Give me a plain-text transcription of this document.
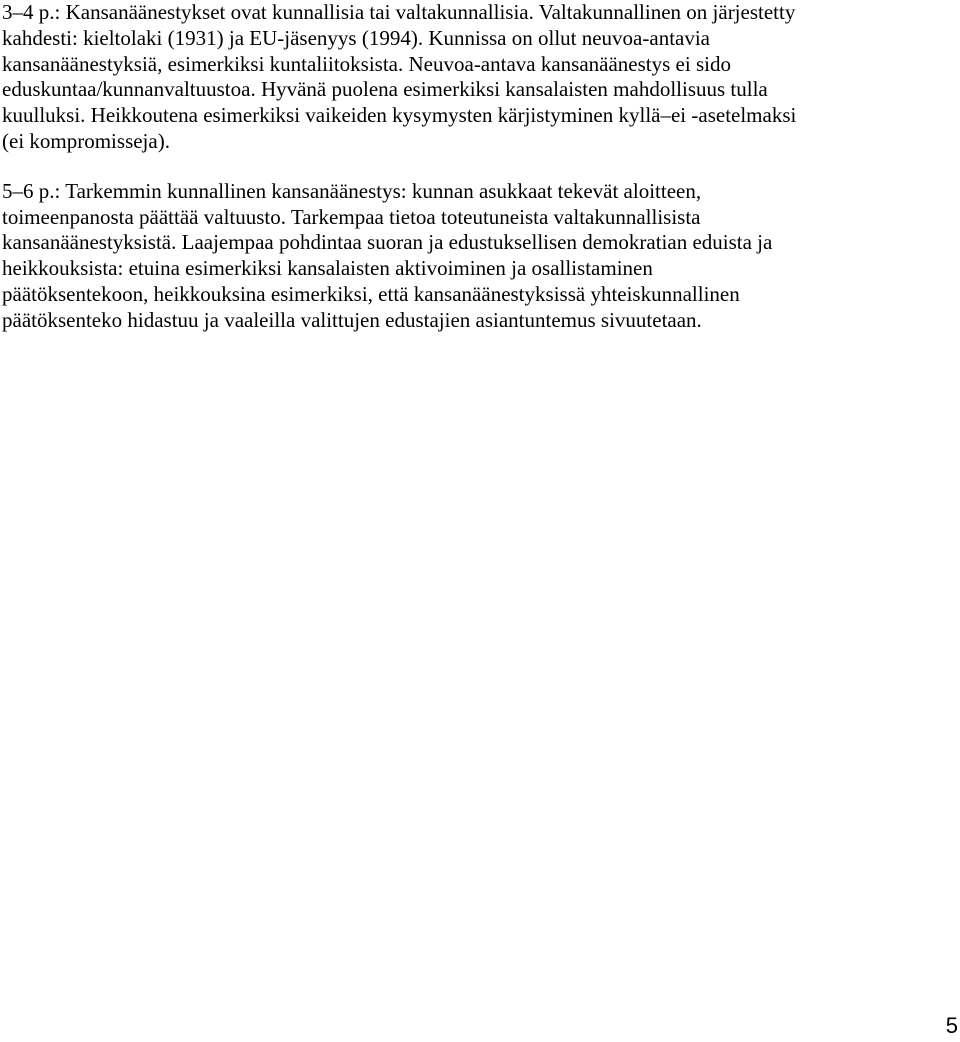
3–4 p.: Kansanäänestykset ovat kunnallisia tai valtakunnallisia. Valtakunnallinen on järjestetty
kahdesti: kieltolaki (1931) ja EU-jäsenyys (1994). Kunnissa on ollut neuvoa-antavia
kansanäänestyksiä, esimerkiksi kuntaliitoksista. Neuvoa-antava kansanäänestys ei sido
eduskuntaa/kunnanvaltuustoa. Hyvänä puolena esimerkiksi kansalaisten mahdollisuus tulla
kuulluksi. Heikkoutena esimerkiksi vaikeiden kysymysten kärjistyminen kyllä–ei -asetelmaksi
(ei kompromisseja).
5–6 p.: Tarkemmin kunnallinen kansanäänestys: kunnan asukkaat tekevät aloitteen,
toimeenpanosta päättää valtuusto. Tarkempaa tietoa toteutuneista valtakunnallisista
kansanäänestyksistä. Laajempaa pohdintaa suoran ja edustuksellisen demokratian eduista ja
heikkouksista: etuina esimerkiksi kansalaisten aktivoiminen ja osallistaminen
päätöksentekoon, heikkouksina esimerkiksi, että kansanäänestyksissä yhteiskunnallinen
päätöksenteko hidastuu ja vaaleilla valittujen edustajien asiantuntemus sivuutetaan.
5
